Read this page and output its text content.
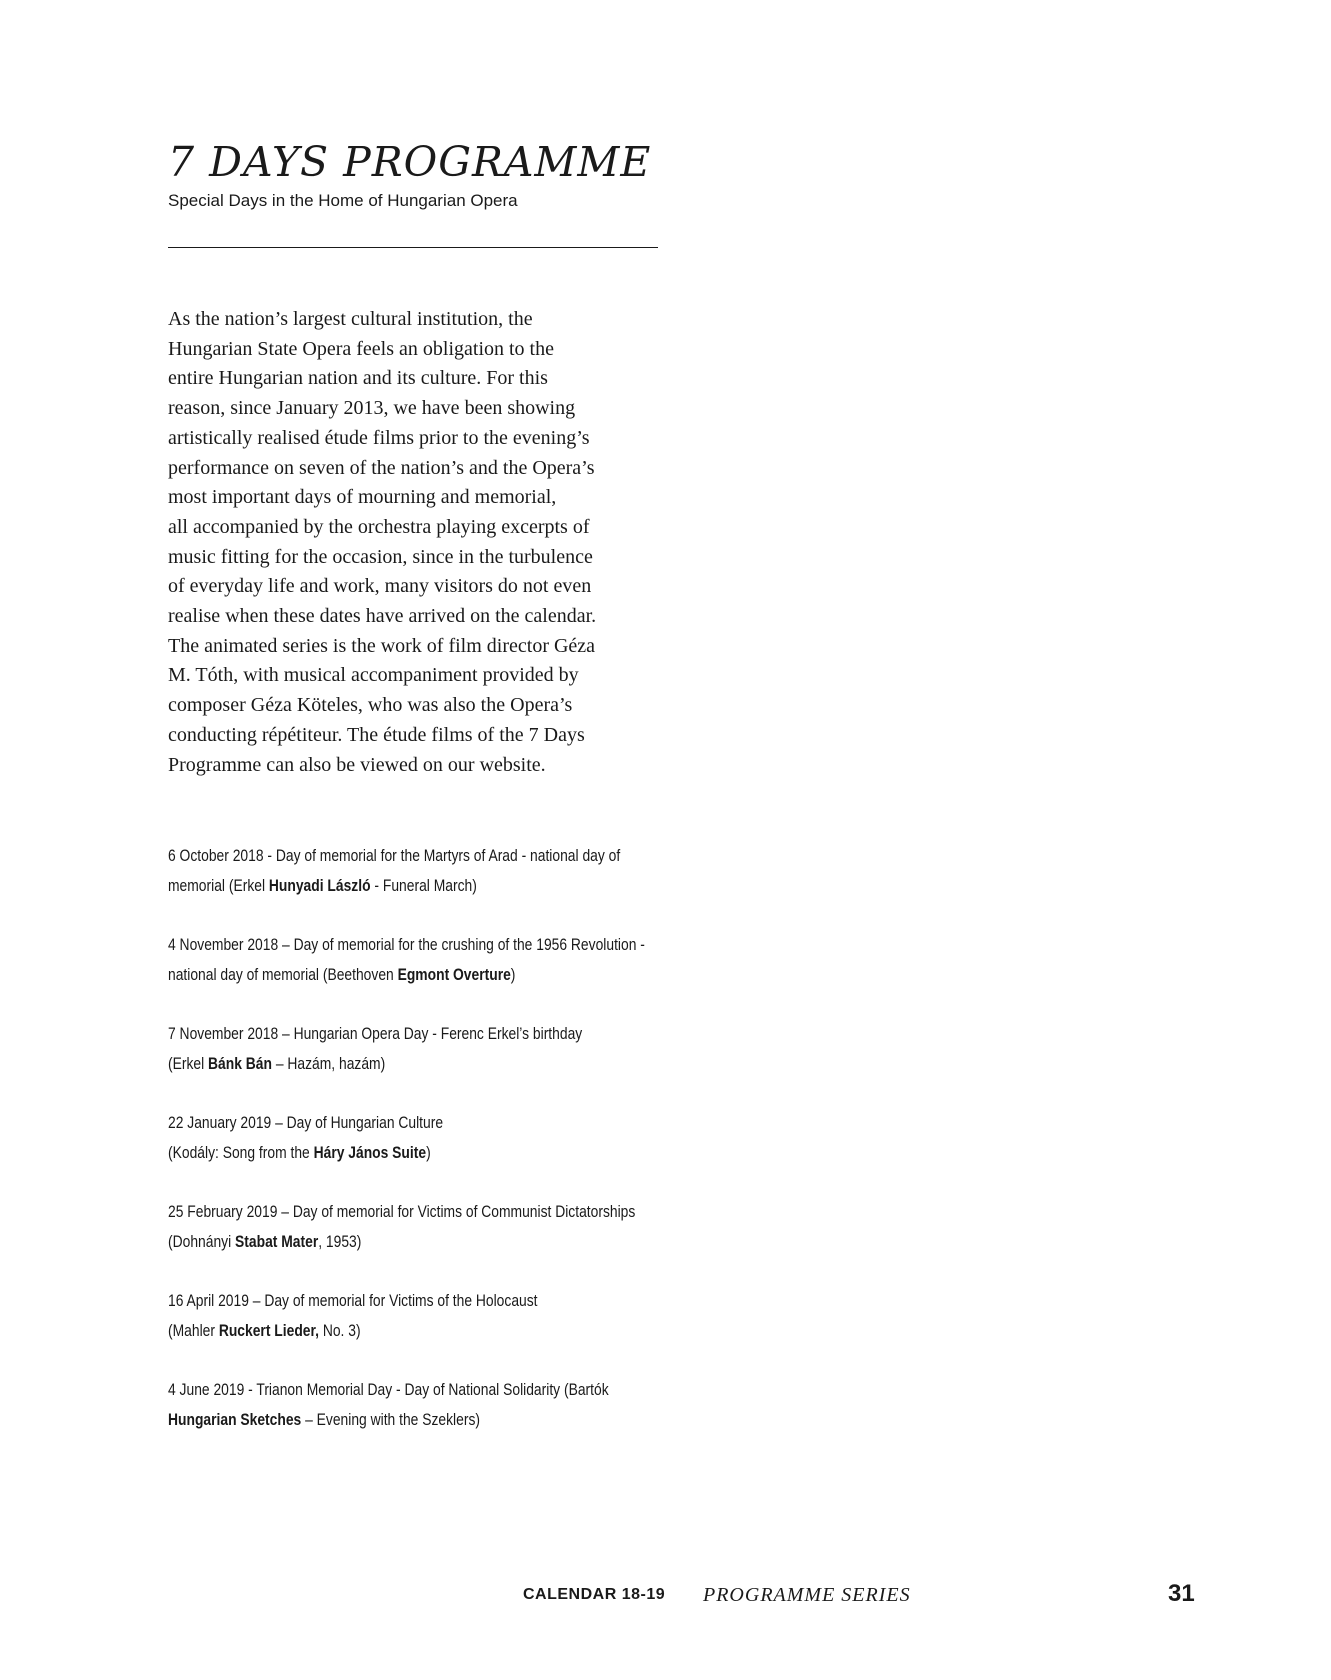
7 DAYS PROGRAMME
Special Days in the Home of Hungarian Opera
As the nation’s largest cultural institution, the
Hungarian State Opera feels an obligation to the
entire Hungarian nation and its culture. For this
reason, since January 2013, we have been showing
artistically realised étude films prior to the evening’s
performance on seven of the nation’s and the Opera’s
most important days of mourning and memorial,
all accompanied by the orchestra playing excerpts of
music fitting for the occasion, since in the turbulence
of everyday life and work, many visitors do not even
realise when these dates have arrived on the calendar.
The animated series is the work of film director Géza
M. Tóth, with musical accompaniment provided by
composer Géza Köteles, who was also the Opera’s
conducting répétiteur. The étude films of the 7 Days
Programme can also be viewed on our website.
6 October 2018 - Day of memorial for the Martyrs of Arad - national day of
memorial (Erkel Hunyadi László - Funeral March)
4 November 2018 – Day of memorial for the crushing of the 1956 Revolution -
national day of memorial (Beethoven Egmont Overture)
7 November 2018 – Hungarian Opera Day - Ferenc Erkel’s birthday
(Erkel Bánk Bán – Hazám, hazám)
22 January 2019 – Day of Hungarian Culture
(Kodály: Song from the Háry János Suite)
25 February 2019 – Day of memorial for Victims of Communist Dictatorships
(Dohnányi Stabat Mater, 1953)
16 April 2019 – Day of memorial for Victims of the Holocaust
(Mahler Ruckert Lieder, No. 3)
4 June 2019 - Trianon Memorial Day - Day of National Solidarity (Bartók
Hungarian Sketches – Evening with the Szeklers)
CALENDAR 18-19 PROGRAMME SERIES	31
